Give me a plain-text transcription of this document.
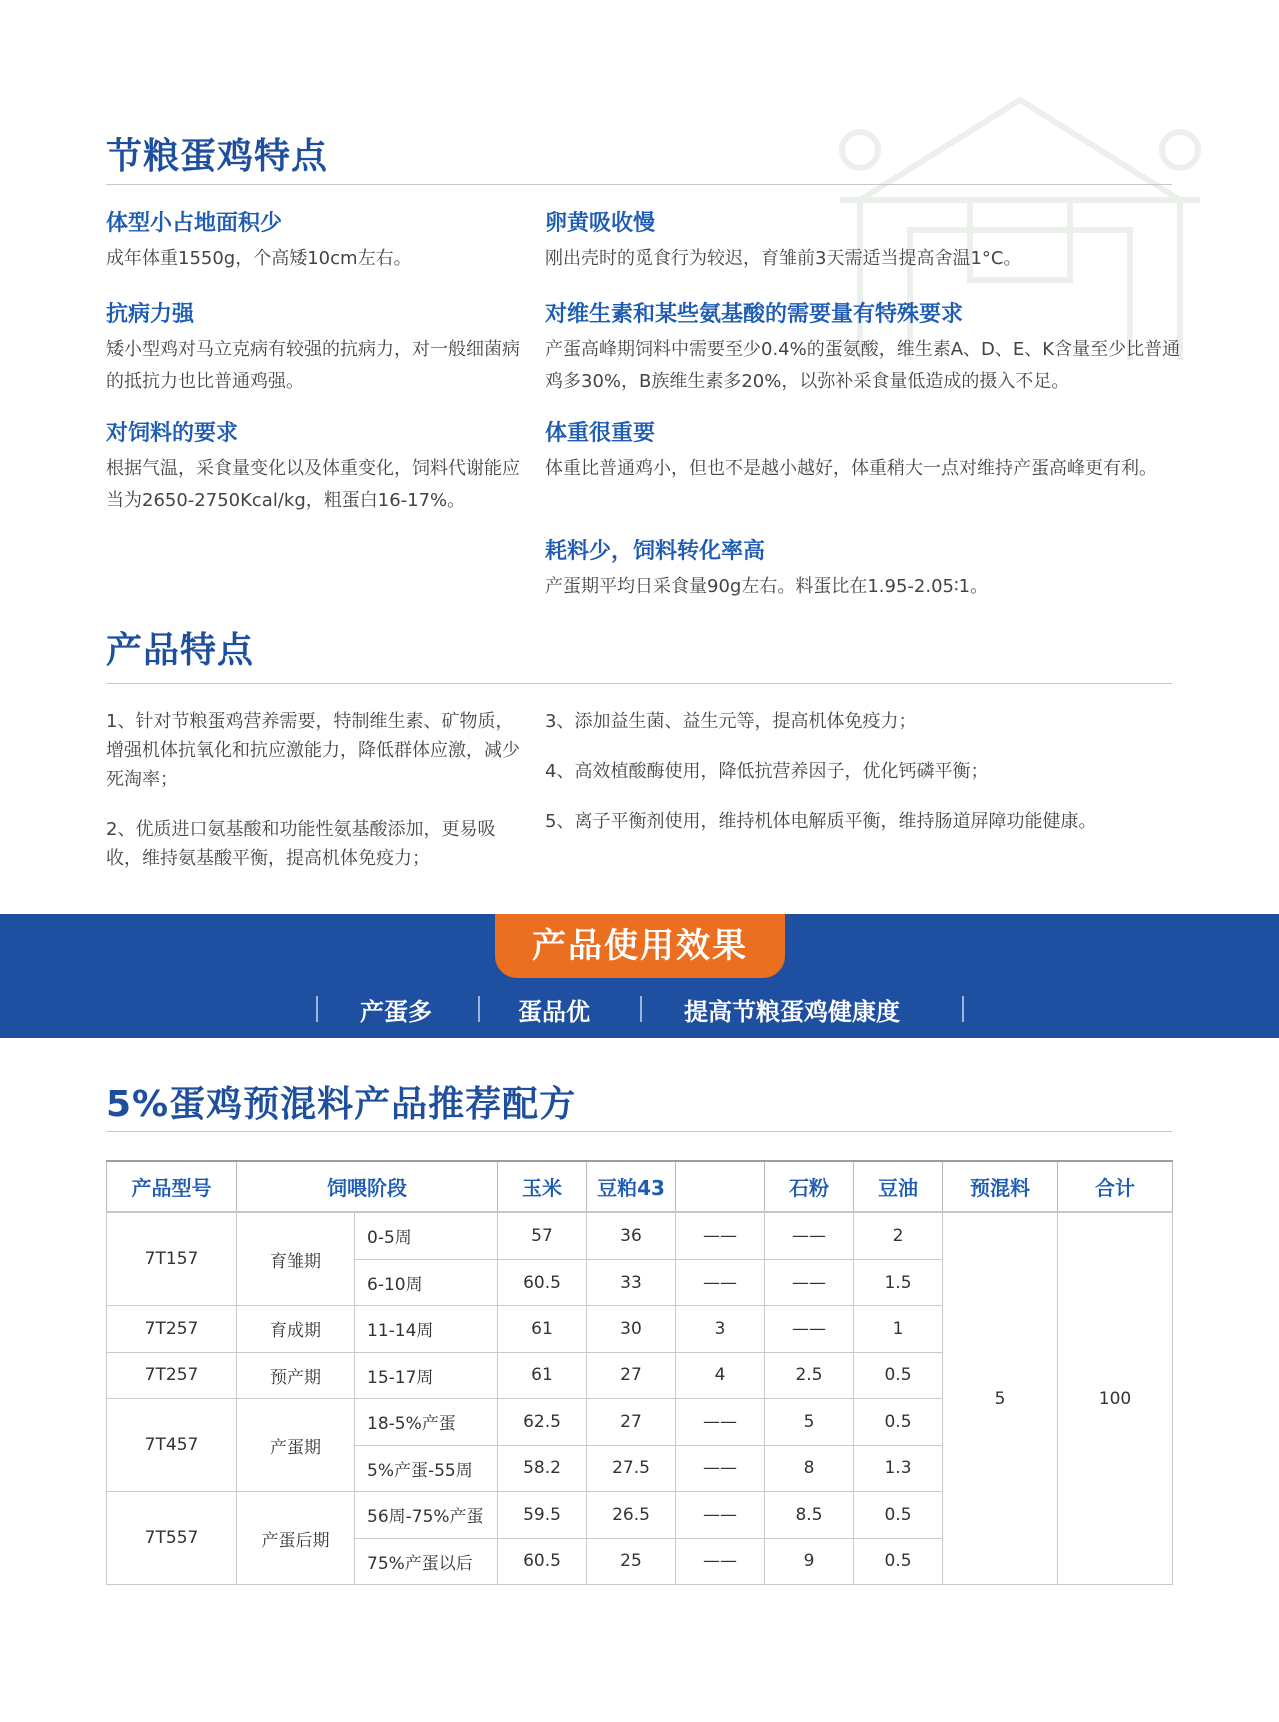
节粮蛋鸡特点
体型小占地面积少

成年体重1550g，个高矮10cm左右。

抗病力强

矮小型鸡对马立克病有较强的抗病力，对一般细菌病的抵抗力也比普通鸡强。

对饲料的要求

根据气温，采食量变化以及体重变化，饲料代谢能应当为2650-2750Kcal/kg，粗蛋白16-17%。

卵黄吸收慢

刚出壳时的觅食行为较迟，育雏前3天需适当提高舍温1°C。

对维生素和某些氨基酸的需要量有特殊要求

产蛋高峰期饲料中需要至少0.4%的蛋氨酸，维生素A、D、E、K含量至少比普通鸡多30%，B族维生素多20%，以弥补采食量低造成的摄入不足。

体重很重要

体重比普通鸡小，但也不是越小越好，体重稍大一点对维持产蛋高峰更有利。

耗料少，饲料转化率高

产蛋期平均日采食量90g左右。料蛋比在1.95-2.05∶1。

产品特点
1、针对节粮蛋鸡营养需要，特制维生素、矿物质，增强机体抗氧化和抗应激能力，降低群体应激，减少死淘率；
2、优质进口氨基酸和功能性氨基酸添加，更易吸收，维持氨基酸平衡，提高机体免疫力；
3、添加益生菌、益生元等，提高机体免疫力；
4、高效植酸酶使用，降低抗营养因子，优化钙磷平衡；
5、离子平衡剂使用，维持机体电解质平衡，维持肠道屏障功能健康。
产品使用效果
产蛋多	蛋品优	提高节粮蛋鸡健康度
5%蛋鸡预混料产品推荐配方
产品型号	饲喂阶段		玉米	豆粕43		石粉	豆油	预混料	合计
7T157	育雏期	0-5周	57	36	——	——	2	5	100
		6-10周	60.5	33	——	——	1.5		
7T257	育成期	11-14周	61	30	3	——	1		
7T257	预产期	15-17周	61	27	4	2.5	0.5		
7T457	产蛋期	18-5%产蛋	62.5	27	——	5	0.5		
		5%产蛋-55周	58.2	27.5	——	8	1.3		
7T557	产蛋后期	56周-75%产蛋	59.5	26.5	——	8.5	0.5		
		75%产蛋以后	60.5	25	——	9	0.5		
